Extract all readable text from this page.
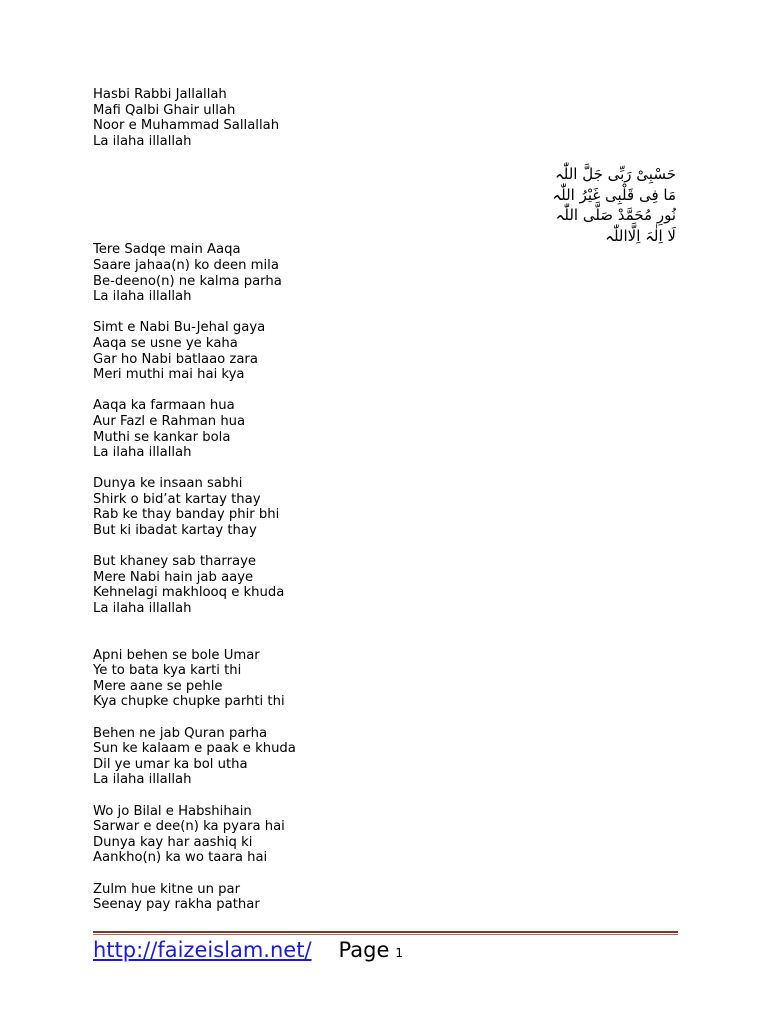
Hasbi Rabbi Jallallah
Mafi Qalbi Ghair ullah
Noor e Muhammad Sallallah
La ilaha illallah
Tere Sadqe main Aaqa
Saare jahaa(n) ko deen mila
Be-deeno(n) ne kalma parha
La ilaha illallah
Simt e Nabi Bu-Jehal gaya
Aaqa se usne ye kaha
Gar ho Nabi batlaao zara
Meri muthi mai hai kya
Aaqa ka farmaan hua
Aur Fazl e Rahman hua
Muthi se kankar bola
La ilaha illallah
Dunya ke insaan sabhi
Shirk o bid’at kartay thay
Rab ke thay banday phir bhi
But ki ibadat kartay thay
But khaney sab tharraye
Mere Nabi hain jab aaye
Kehnelagi makhlooq e khuda
La ilaha illallah
Apni behen se bole Umar
Ye to bata kya karti thi
Mere aane se pehle
Kya chupke chupke parhti thi
Behen ne jab Quran parha
Sun ke kalaam e paak e khuda
Dil ye umar ka bol utha
La ilaha illallah
Wo jo Bilal e Habshihain
Sarwar e dee(n) ka pyara hai
Dunya kay har aashiq ki
Aankho(n) ka wo taara hai
Zulm hue kitne un par
Seenay pay rakha pathar
حَسْبِیْ رَبِّی جَلَّ اللّٰہ
مَا فِی قَلْبِی غَیْرُ اللّٰہ
نُورِ مُحَمَّدْ صَلَّی اللّٰہ
لَا اِلٰہَ اِلَّااللّٰہ
http://faizeislam.net/ Page 1
